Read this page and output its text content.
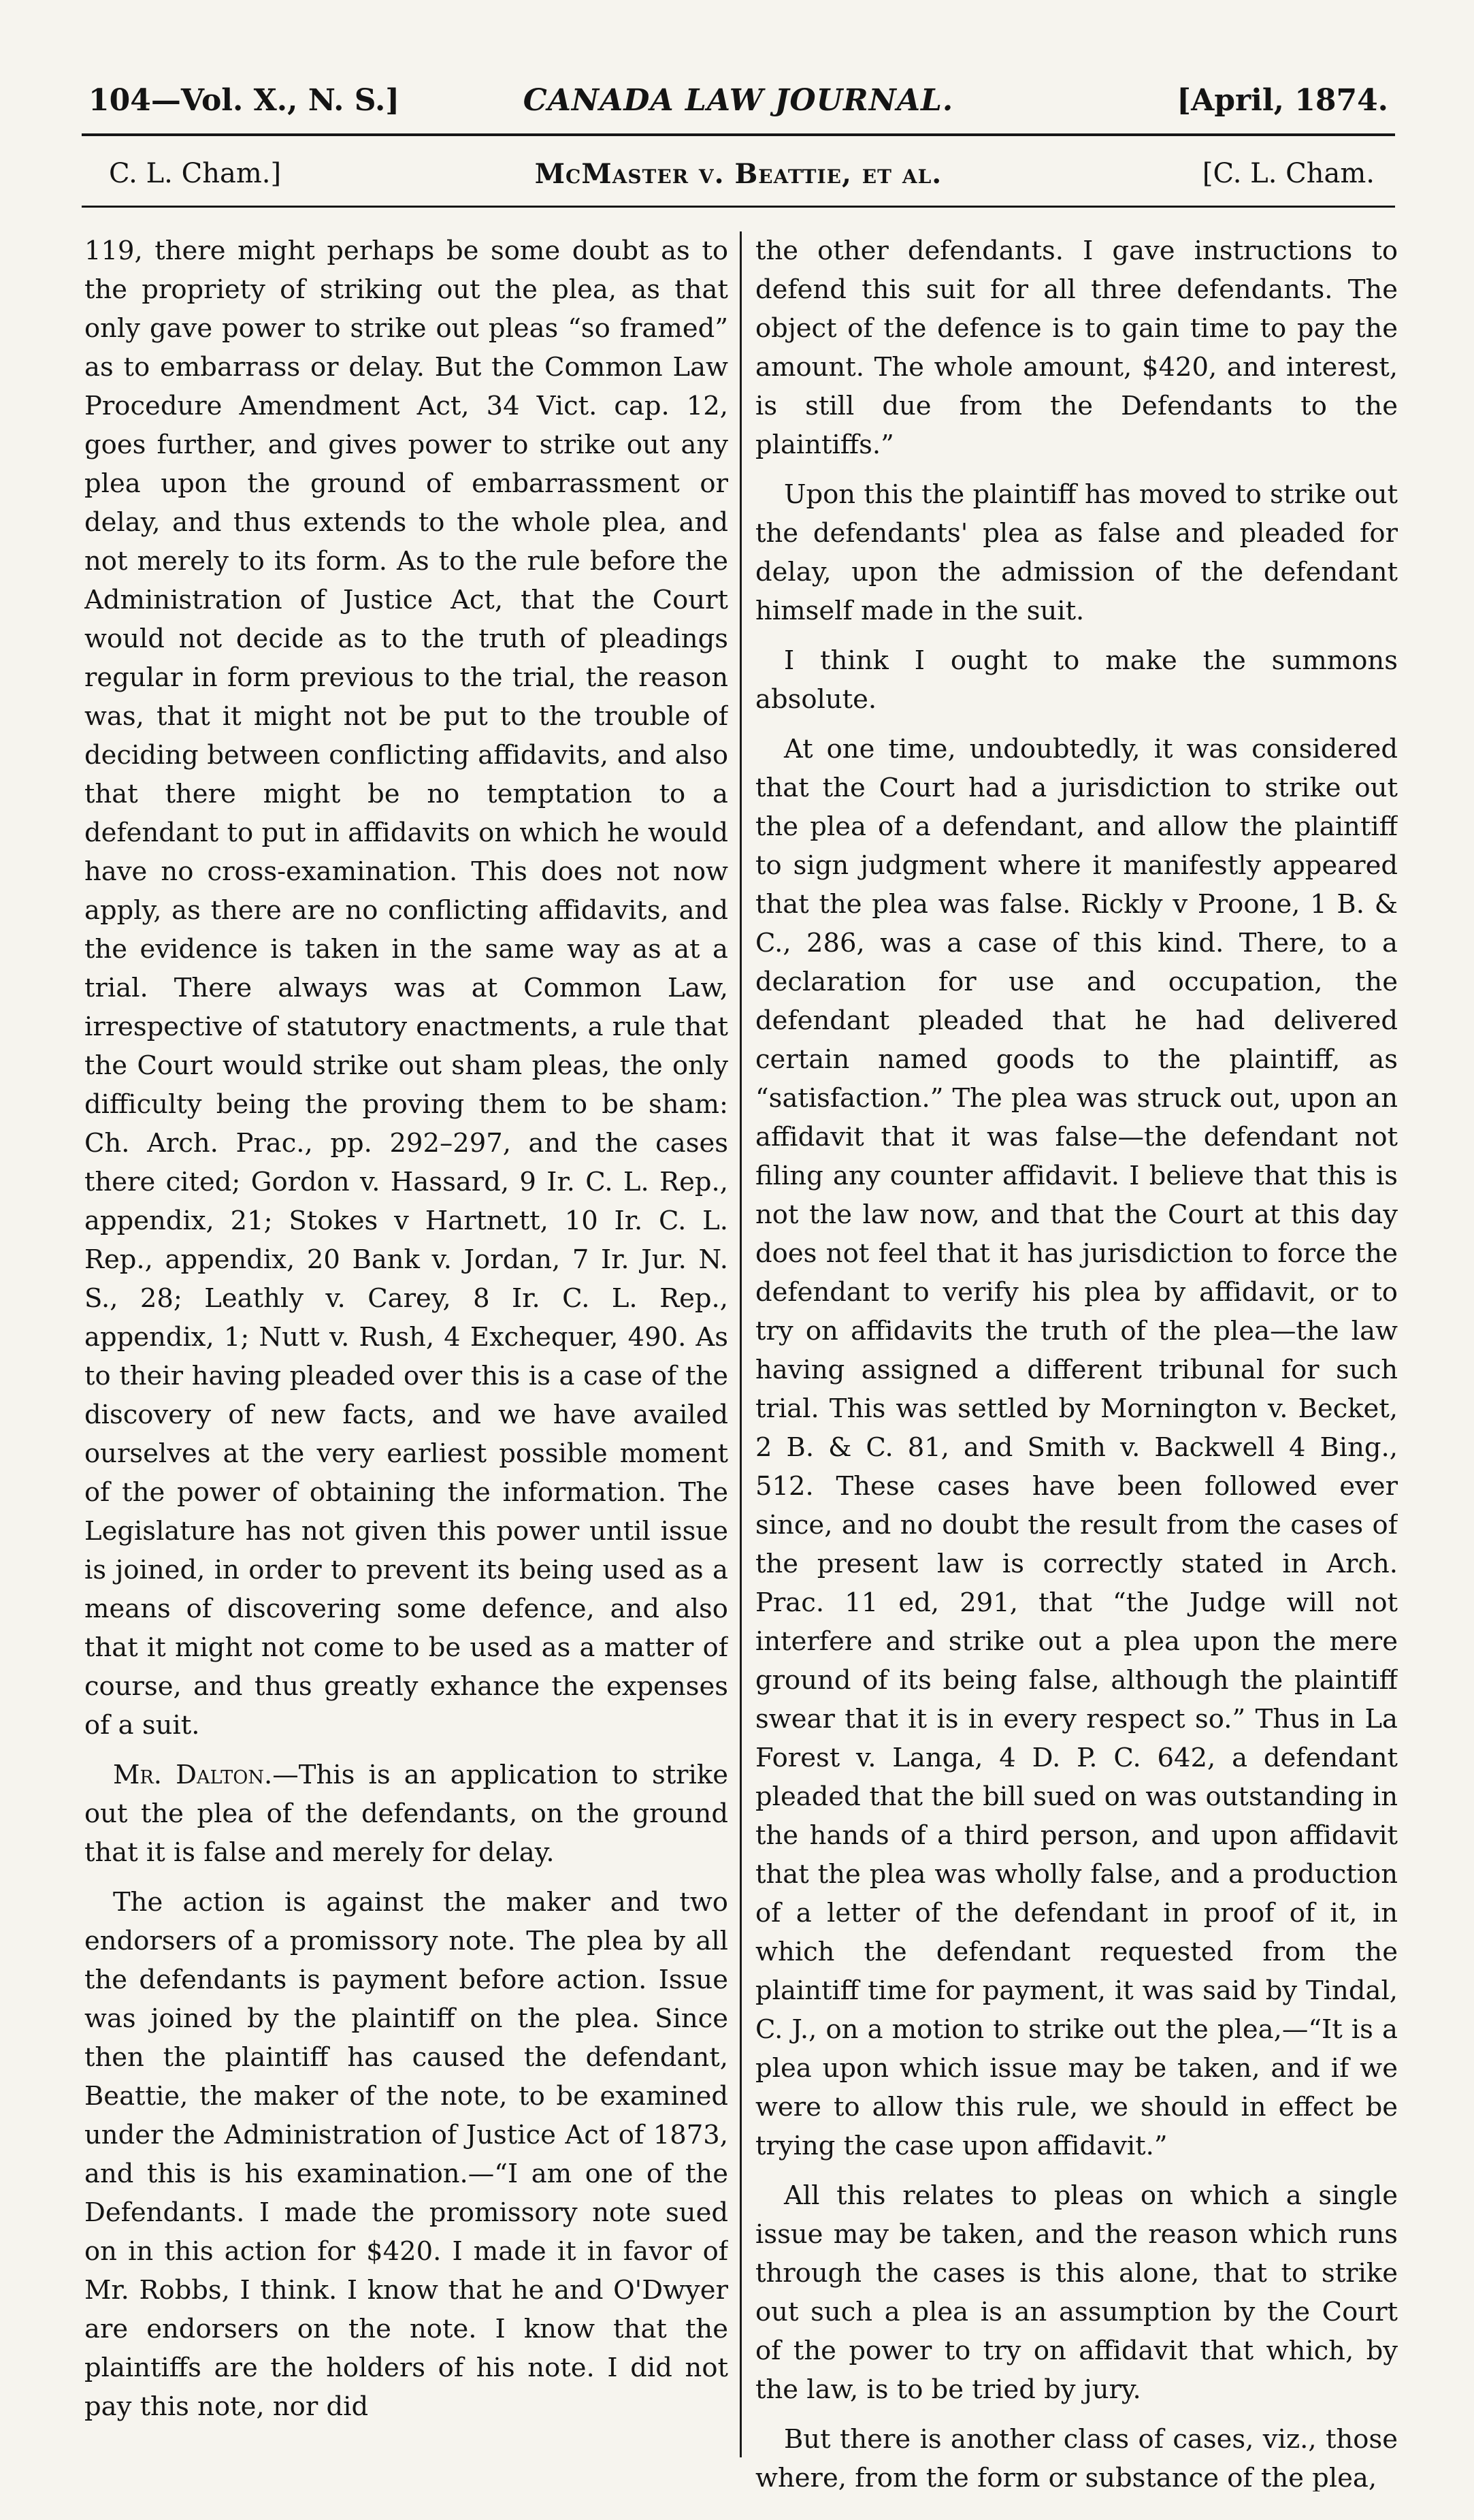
104—Vol. X., N. S.]	CANADA LAW JOURNAL.	[April, 1874.
C. L. Cham.]	McMaster v. Beattie, et al.	[C. L. Cham.

119, there might perhaps be some doubt as to the propriety of striking out the plea, as that only gave power to strike out pleas “so framed” as to embarrass or delay. But the Common Law Procedure Amendment Act, 34 Vict. cap. 12, goes further, and gives power to strike out any plea upon the ground of embarrassment or delay, and thus extends to the whole plea, and not merely to its form. As to the rule before the Administration of Justice Act, that the Court would not decide as to the truth of pleadings regular in form previous to the trial, the reason was, that it might not be put to the trouble of deciding between conflicting affidavits, and also that there might be no temptation to a defendant to put in affidavits on which he would have no cross-examination. This does not now apply, as there are no conflicting affidavits, and the evidence is taken in the same way as at a trial. There always was at Common Law, irrespective of statutory enactments, a rule that the Court would strike out sham pleas, the only difficulty being the proving them to be sham: Ch. Arch. Prac., pp. 292–297, and the cases there cited; Gordon v. Hassard, 9 Ir. C. L. Rep., appendix, 21; Stokes v Hartnett, 10 Ir. C. L. Rep., appendix, 20 Bank v. Jordan, 7 Ir. Jur. N. S., 28; Leathly v. Carey, 8 Ir. C. L. Rep., appendix, 1; Nutt v. Rush, 4 Exchequer, 490. As to their having pleaded over this is a case of the discovery of new facts, and we have availed ourselves at the very earliest possible moment of the power of obtaining the information. The Legislature has not given this power until issue is joined, in order to prevent its being used as a means of discovering some defence, and also that it might not come to be used as a matter of course, and thus greatly exhance the expenses of a suit.

Mr. Dalton.—This is an application to strike out the plea of the defendants, on the ground that it is false and merely for delay.

The action is against the maker and two endorsers of a promissory note. The plea by all the defendants is payment before action. Issue was joined by the plaintiff on the plea. Since then the plaintiff has caused the defendant, Beattie, the maker of the note, to be examined under the Administration of Justice Act of 1873, and this is his examination.—“I am one of the Defendants. I made the promissory note sued on in this action for $420. I made it in favor of Mr. Robbs, I think. I know that he and O'Dwyer are endorsers on the note. I know that the plaintiffs are the holders of his note. I did not pay this note, nor did

the other defendants. I gave instructions to defend this suit for all three defendants. The object of the defence is to gain time to pay the amount. The whole amount, $420, and interest, is still due from the Defendants to the plaintiffs.”

Upon this the plaintiff has moved to strike out the defendants' plea as false and pleaded for delay, upon the admission of the defendant himself made in the suit.

I think I ought to make the summons absolute.

At one time, undoubtedly, it was considered that the Court had a jurisdiction to strike out the plea of a defendant, and allow the plaintiff to sign judgment where it manifestly appeared that the plea was false. Rickly v Proone, 1 B. & C., 286, was a case of this kind. There, to a declaration for use and occupation, the defendant pleaded that he had delivered certain named goods to the plaintiff, as “satisfaction.” The plea was struck out, upon an affidavit that it was false—the defendant not filing any counter affidavit. I believe that this is not the law now, and that the Court at this day does not feel that it has jurisdiction to force the defendant to verify his plea by affidavit, or to try on affidavits the truth of the plea—the law having assigned a different tribunal for such trial. This was settled by Mornington v. Becket, 2 B. & C. 81, and Smith v. Backwell 4 Bing., 512. These cases have been followed ever since, and no doubt the result from the cases of the present law is correctly stated in Arch. Prac. 11 ed, 291, that “the Judge will not interfere and strike out a plea upon the mere ground of its being false, although the plaintiff swear that it is in every respect so.” Thus in La Forest v. Langa, 4 D. P. C. 642, a defendant pleaded that the bill sued on was outstanding in the hands of a third person, and upon affidavit that the plea was wholly false, and a production of a letter of the defendant in proof of it, in which the defendant requested from the plaintiff time for payment, it was said by Tindal, C. J., on a motion to strike out the plea,—“It is a plea upon which issue may be taken, and if we were to allow this rule, we should in effect be trying the case upon affidavit.”

All this relates to pleas on which a single issue may be taken, and the reason which runs through the cases is this alone, that to strike out such a plea is an assumption by the Court of the power to try on affidavit that which, by the law, is to be tried by jury.

But there is another class of cases, viz., those where, from the form or substance of the plea,
